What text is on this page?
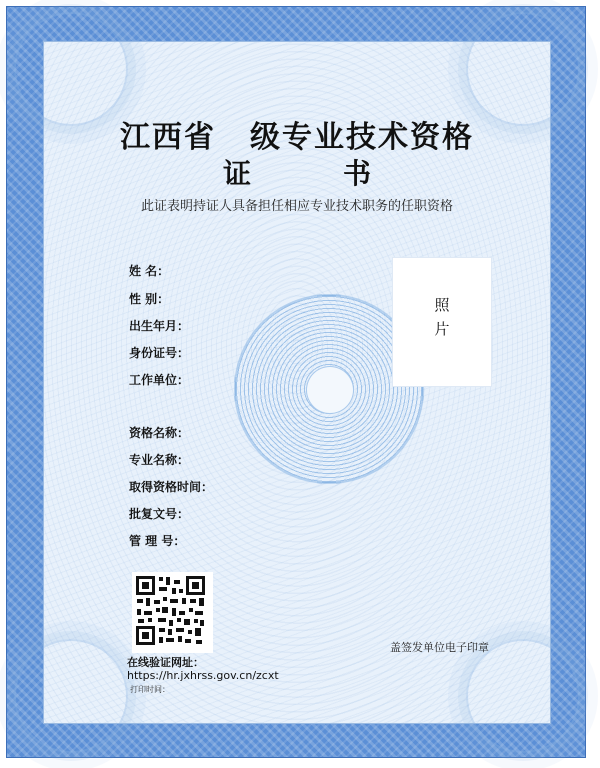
江西省 级专业技术资格
证	书
此证表明持证人具备担任相应专业技术职务的任职资格
姓 名：
性 别：
出生年月：
身份证号：
工作单位：
资格名称：
专业名称：
取得资格时间：
批复文号：
管 理 号：
照
片
盖签发单位电子印章
在线验证网址：
https://hr.jxhrss.gov.cn/zcxt
打印时间：
